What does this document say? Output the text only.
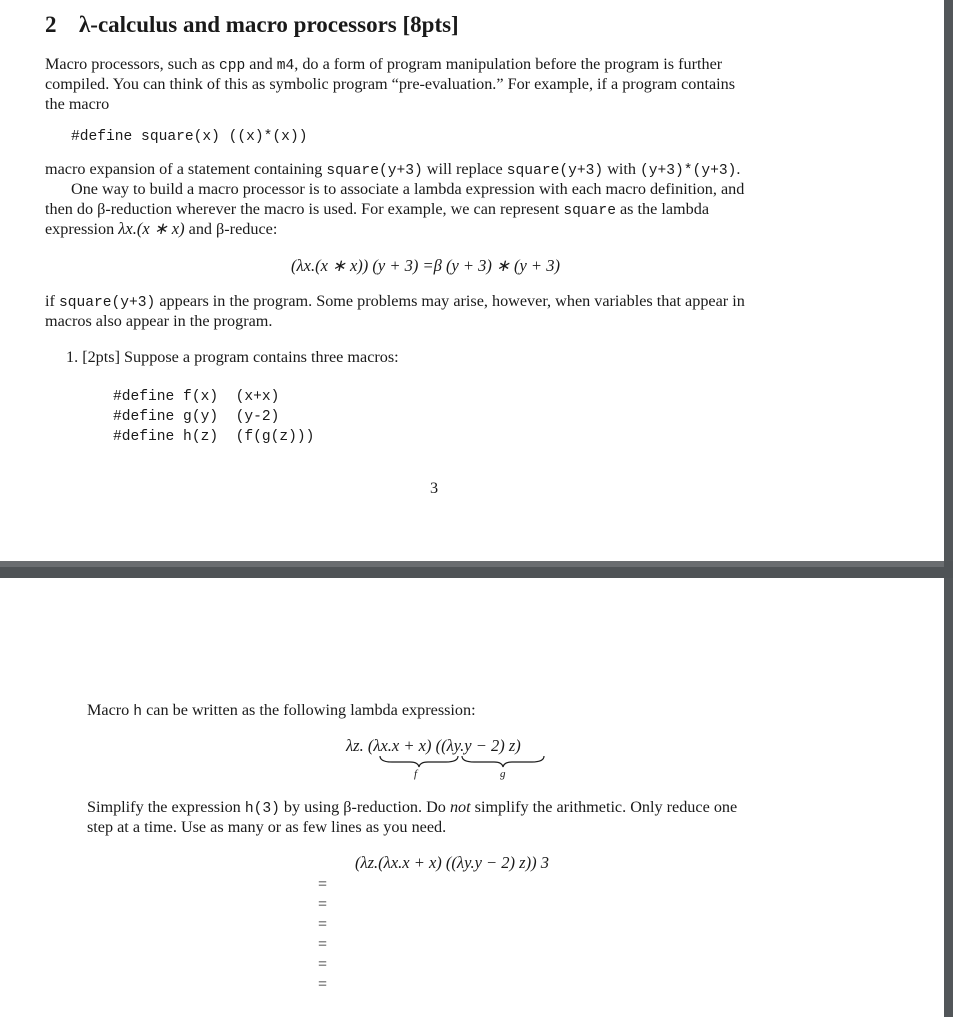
2 λ-calculus and macro processors [8pts]
Macro processors, such as cpp and m4, do a form of program manipulation before the program is further
compiled. You can think of this as symbolic program “pre-evaluation.” For example, if a program contains
the macro
#define square(x) ((x)*(x))
macro expansion of a statement containing square(y+3) will replace square(y+3) with (y+3)*(y+3).
One way to build a macro processor is to associate a lambda expression with each macro definition, and
then do β-reduction wherever the macro is used. For example, we can represent square as the lambda
expression λx.(x ∗ x) and β-reduce:
(λx.(x ∗ x)) (y + 3) =β (y + 3) ∗ (y + 3)
if square(y+3) appears in the program. Some problems may arise, however, when variables that appear in
macros also appear in the program.
1. [2pts] Suppose a program contains three macros:
#define f(x)  (x+x)
#define g(y)  (y-2)
#define h(z)  (f(g(z)))
3
Macro h can be written as the following lambda expression:
λz. (λx.x + x) ((λy.y − 2) z)
f	g
Simplify the expression h(3) by using β-reduction. Do not simplify the arithmetic. Only reduce one
step at a time. Use as many or as few lines as you need.
(λz.(λx.x + x) ((λy.y − 2) z)) 3
=
=
=
=
=
=
